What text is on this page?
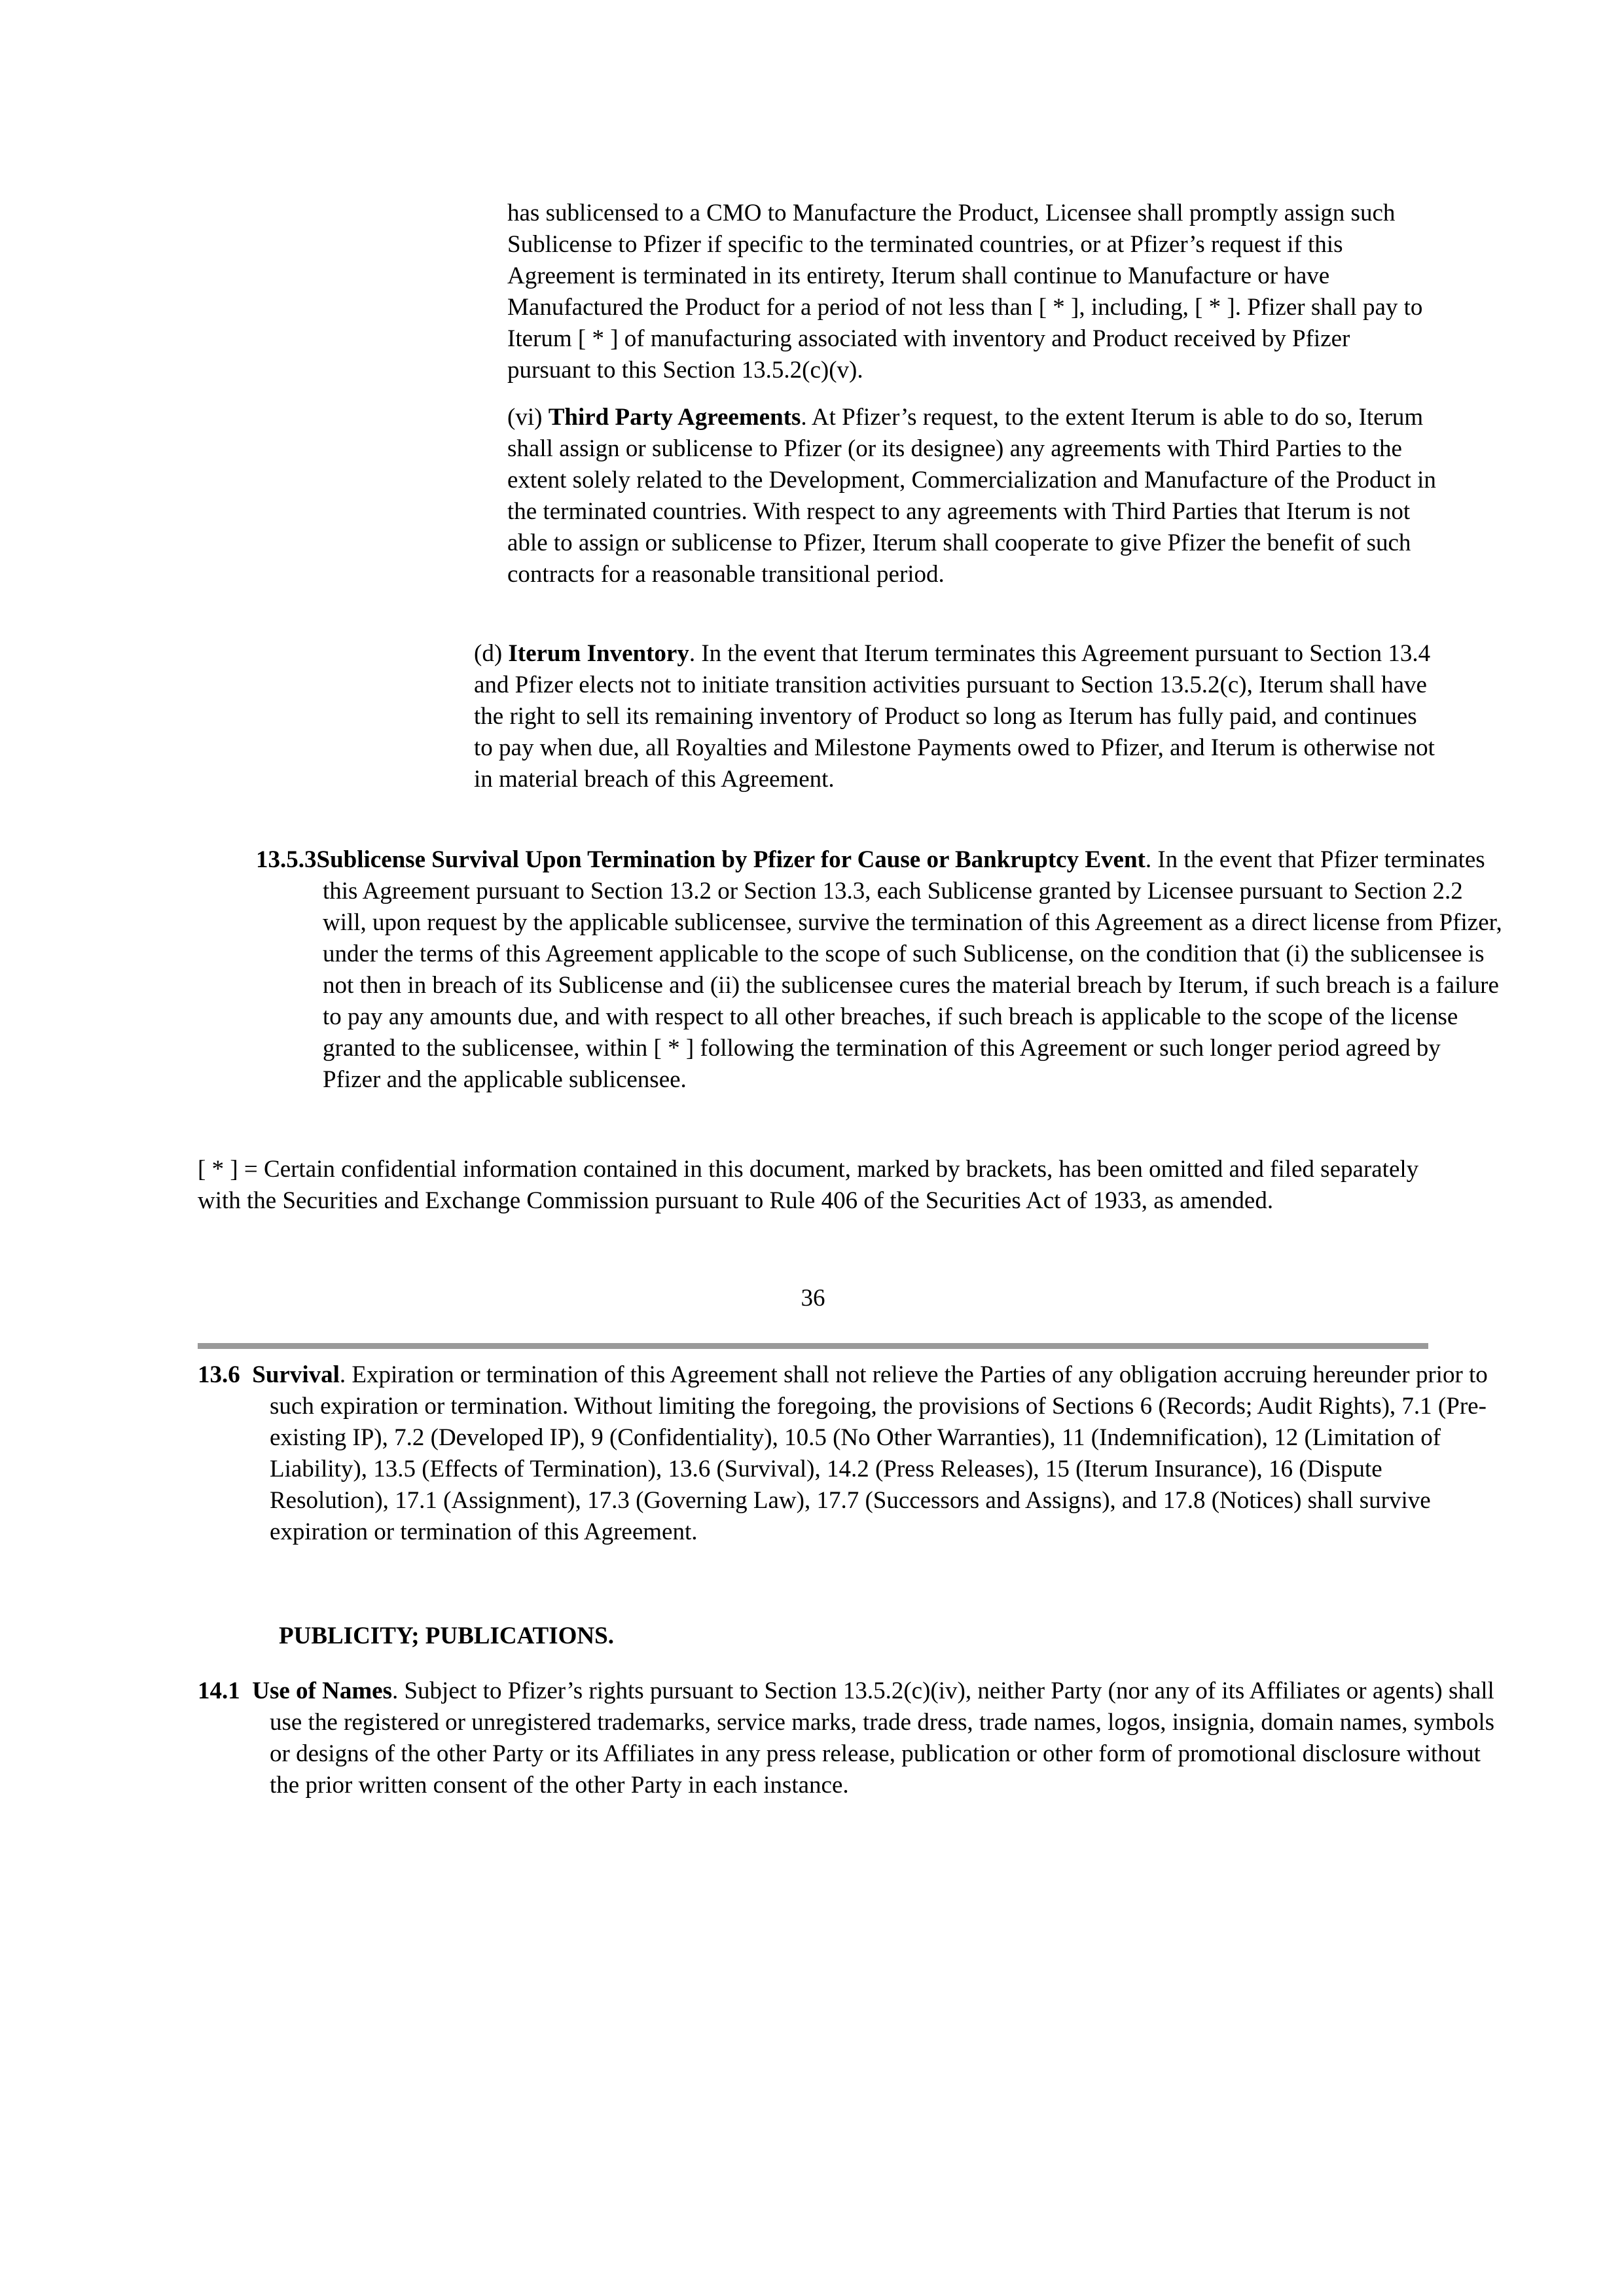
has sublicensed to a CMO to Manufacture the Product, Licensee shall promptly assign such Sublicense to Pfizer if specific to the terminated countries, or at Pfizer’s request if this Agreement is terminated in its entirety, Iterum shall continue to Manufacture or have Manufactured the Product for a period of not less than [ * ], including, [ * ]. Pfizer shall pay to Iterum [ * ] of manufacturing associated with inventory and Product received by Pfizer pursuant to this Section 13.5.2(c)(v).

(vi) Third Party Agreements. At Pfizer’s request, to the extent Iterum is able to do so, Iterum shall assign or sublicense to Pfizer (or its designee) any agreements with Third Parties to the extent solely related to the Development, Commercialization and Manufacture of the Product in the terminated countries. With respect to any agreements with Third Parties that Iterum is not able to assign or sublicense to Pfizer, Iterum shall cooperate to give Pfizer the benefit of such contracts for a reasonable transitional period.

(d) Iterum Inventory. In the event that Iterum terminates this Agreement pursuant to Section 13.4 and Pfizer elects not to initiate transition activities pursuant to Section 13.5.2(c), Iterum shall have the right to sell its remaining inventory of Product so long as Iterum has fully paid, and continues to pay when due, all Royalties and Milestone Payments owed to Pfizer, and Iterum is otherwise not in material breach of this Agreement.

13.5.3Sublicense Survival Upon Termination by Pfizer for Cause or Bankruptcy Event. In the event that Pfizer terminates this Agreement pursuant to Section 13.2 or Section 13.3, each Sublicense granted by Licensee pursuant to Section 2.2 will, upon request by the applicable sublicensee, survive the termination of this Agreement as a direct license from Pfizer, under the terms of this Agreement applicable to the scope of such Sublicense, on the condition that (i) the sublicensee is not then in breach of its Sublicense and (ii) the sublicensee cures the material breach by Iterum, if such breach is a failure to pay any amounts due, and with respect to all other breaches, if such breach is applicable to the scope of the license granted to the sublicensee, within [ * ] following the termination of this Agreement or such longer period agreed by Pfizer and the applicable sublicensee.

[ * ] = Certain confidential information contained in this document, marked by brackets, has been omitted and filed separately with the Securities and Exchange Commission pursuant to Rule 406 of the Securities Act of 1933, as amended.

36

13.6 Survival. Expiration or termination of this Agreement shall not relieve the Parties of any obligation accruing hereunder prior to such expiration or termination. Without limiting the foregoing, the provisions of Sections 6 (Records; Audit Rights), 7.1 (Pre-existing IP), 7.2 (Developed IP), 9 (Confidentiality), 10.5 (No Other Warranties), 11 (Indemnification), 12 (Limitation of Liability), 13.5 (Effects of Termination), 13.6 (Survival), 14.2 (Press Releases), 15 (Iterum Insurance), 16 (Dispute Resolution), 17.1 (Assignment), 17.3 (Governing Law), 17.7 (Successors and Assigns), and 17.8 (Notices) shall survive expiration or termination of this Agreement.

PUBLICITY; PUBLICATIONS.

14.1 Use of Names. Subject to Pfizer’s rights pursuant to Section 13.5.2(c)(iv), neither Party (nor any of its Affiliates or agents) shall use the registered or unregistered trademarks, service marks, trade dress, trade names, logos, insignia, domain names, symbols or designs of the other Party or its Affiliates in any press release, publication or other form of promotional disclosure without the prior written consent of the other Party in each instance.
